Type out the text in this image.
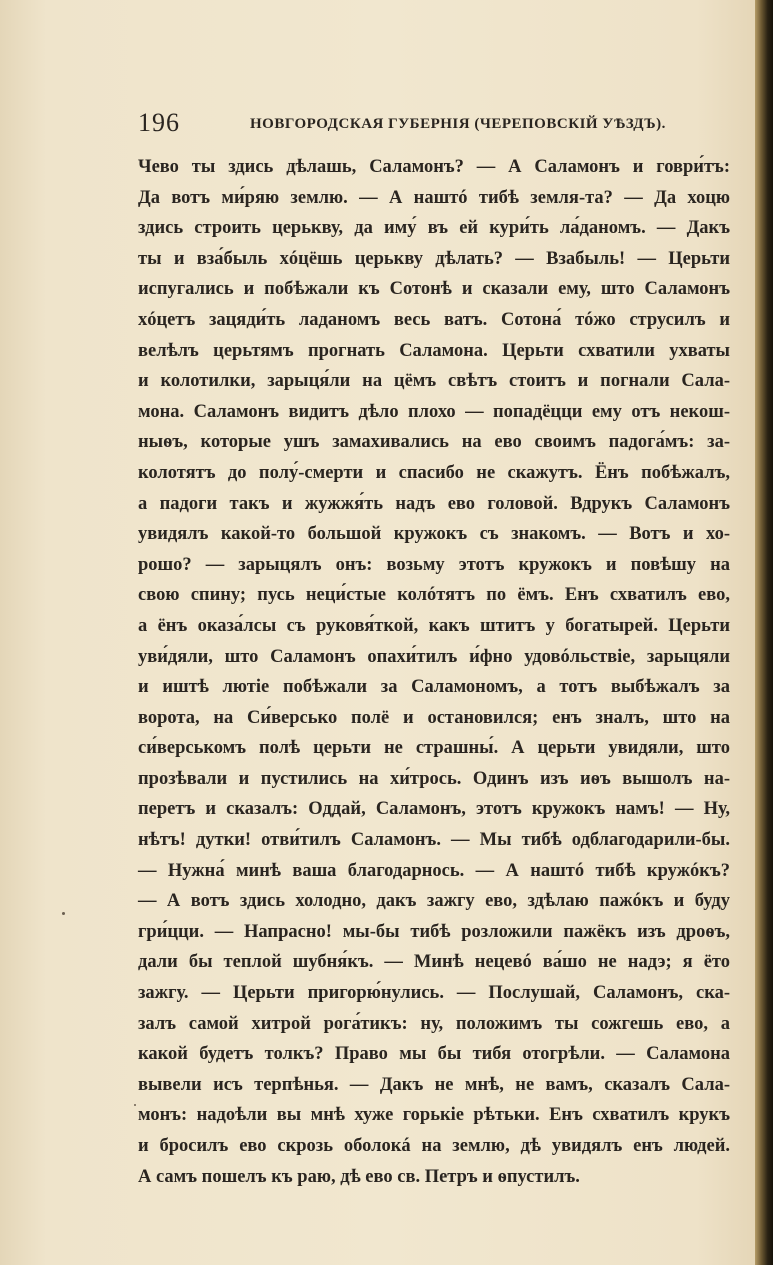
196	НОВГОРОДСКАЯ ГУБЕРНІЯ (ЧЕРЕПОВСКІЙ УѢЗДЪ).
Чево ты здись дѣлашь, Саламонъ? — А Саламонъ и говри́тъ:
Да вотъ ми́ряю землю. — А наштó тибѣ земля-та? — Да хоцю
здись строить церькву, да иму́ въ ей кури́ть ла́даномъ. — Дакъ
ты и вза́быль хóцёшь церькву дѣлать? — Взабыль! — Церьти
испугались и побѣжали къ Сотонѣ и сказали ему, што Саламонъ
хóцетъ зацяди́ть ладаномъ весь ватъ. Сотона́ тóжо струсилъ и
велѣлъ церьтямъ прогнать Саламона. Церьти схватили ухваты
и колотилки, зарыця́ли на цёмъ свѣтъ стоитъ и погнали Сала-
мона. Саламонъ видитъ дѣло плохо — попадёцци ему отъ некош-
ныѳъ, которые ушъ замахивались на ево своимъ падога́мъ: за-
колотятъ до полу́-смерти и спасибо не скажутъ. Ёнъ побѣжалъ,
а падоги такъ и жужжя́ть надъ ево головой. Вдрукъ Саламонъ
увидялъ какой-то большой кружокъ съ знакомъ. — Вотъ и хо-
рошо? — зарыцялъ онъ: возьму этотъ кружокъ и повѣшу на
свою спину; пусь неци́стые колóтятъ по ёмъ. Енъ схватилъ ево,
а ёнъ оказа́лсы съ руковя́ткой, какъ штитъ у богатырей. Церьти
уви́дяли, што Саламонъ опахи́тилъ и́фно удовóльствіе, зарыцяли
и иштѣ лютіе побѣжали за Саламономъ, а тотъ выбѣжалъ за
ворота, на Си́версько полё и остановился; енъ зналъ, што на
си́верськомъ полѣ церьти не страшны́. А церьти увидяли, што
прозѣвали и пустились на хи́трось. Одинъ изъ иѳъ вышолъ на-
перетъ и сказалъ: Оддай, Саламонъ, этотъ кружокъ намъ! — Ну,
нѣтъ! дутки! отви́тилъ Саламонъ. — Мы тибѣ одблагодарили-бы.
— Нужна́ минѣ ваша благодарнось. — А наштó тибѣ кружóкъ?
— А вотъ здись холодно, дакъ зажгу ево, здѣлаю пажóкъ и буду
гри́цци. — Напрасно! мы-бы тибѣ розложили пажёкъ изъ дроѳъ,
дали бы теплой шубня́къ. — Минѣ нецевó ва́шо не надэ; я ёто
зажгу. — Церьти пригорю́нулись. — Послушай, Саламонъ, ска-
залъ самой хитрой рога́тикъ: ну, положимъ ты сожгешь ево, а
какой будетъ толкъ? Право мы бы тибя отогрѣли. — Саламона
вывели исъ терпѣнья. — Дакъ не мнѣ, не вамъ, сказалъ Сала-
монъ: надоѣли вы мнѣ хуже горькіе рѣтьки. Енъ схватилъ крукъ
и бросилъ ево скрозь оболокá на землю, дѣ увидялъ енъ людей.
А самъ пошелъ къ раю, дѣ ево св. Петръ и ѳпустилъ.
